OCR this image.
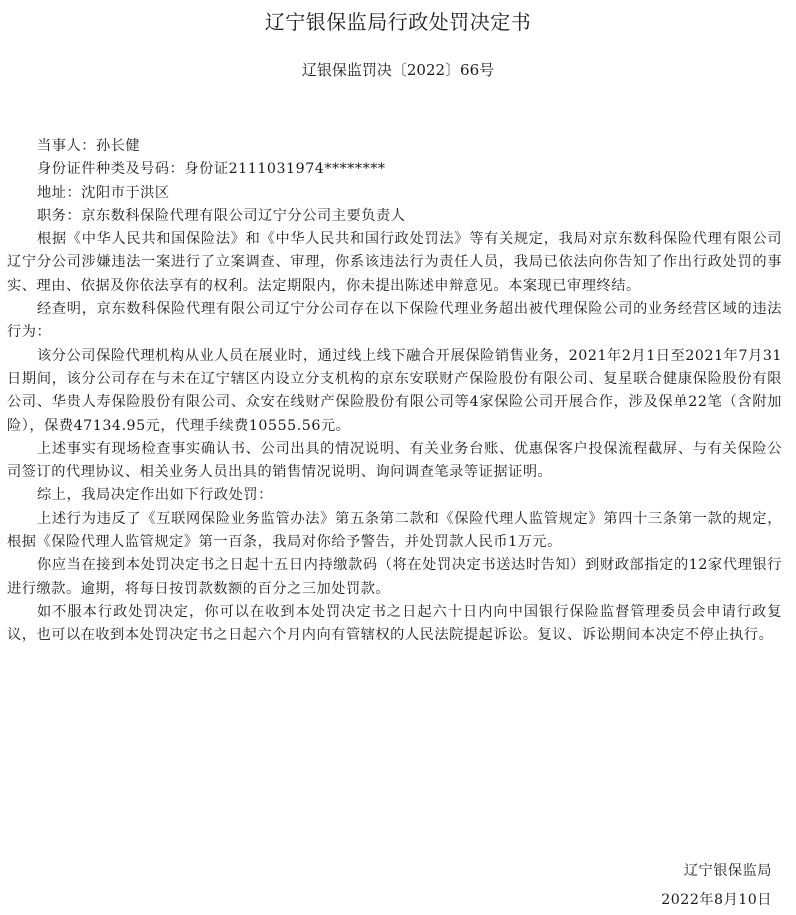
辽宁银保监局行政处罚决定书
辽银保监罚决〔2022〕66号

当事人：孙长健

身份证件种类及号码：身份证2111031974********

地址：沈阳市于洪区

职务：京东数科保险代理有限公司辽宁分公司主要负责人

根据《中华人民共和国保险法》和《中华人民共和国行政处罚法》等有关规定，我局对京东数科保险代理有限公司辽宁分公司涉嫌违法一案进行了立案调查、审理，你系该违法行为责任人员，我局已依法向你告知了作出行政处罚的事实、理由、依据及你依法享有的权利。法定期限内，你未提出陈述申辩意见。本案现已审理终结。

经查明，京东数科保险代理有限公司辽宁分公司存在以下保险代理业务超出被代理保险公司的业务经营区域的违法行为：

该分公司保险代理机构从业人员在展业时，通过线上线下融合开展保险销售业务，2021年2月1日至2021年7月31日期间，该分公司存在与未在辽宁辖区内设立分支机构的京东安联财产保险股份有限公司、复星联合健康保险股份有限公司、华贵人寿保险股份有限公司、众安在线财产保险股份有限公司等4家保险公司开展合作，涉及保单22笔（含附加险），保费47134.95元，代理手续费10555.56元。

上述事实有现场检查事实确认书、公司出具的情况说明、有关业务台账、优惠保客户投保流程截屏、与有关保险公司签订的代理协议、相关业务人员出具的销售情况说明、询问调查笔录等证据证明。

综上，我局决定作出如下行政处罚：

上述行为违反了《互联网保险业务监管办法》第五条第二款和《保险代理人监管规定》第四十三条第一款的规定，根据《保险代理人监管规定》第一百条，我局对你给予警告，并处罚款人民币1万元。

你应当在接到本处罚决定书之日起十五日内持缴款码（将在处罚决定书送达时告知）到财政部指定的12家代理银行进行缴款。逾期，将每日按罚款数额的百分之三加处罚款。

如不服本行政处罚决定，你可以在收到本处罚决定书之日起六十日内向中国银行保险监督管理委员会申请行政复议，也可以在收到本处罚决定书之日起六个月内向有管辖权的人民法院提起诉讼。复议、诉讼期间本决定不停止执行。

辽宁银保监局
2022年8月10日
